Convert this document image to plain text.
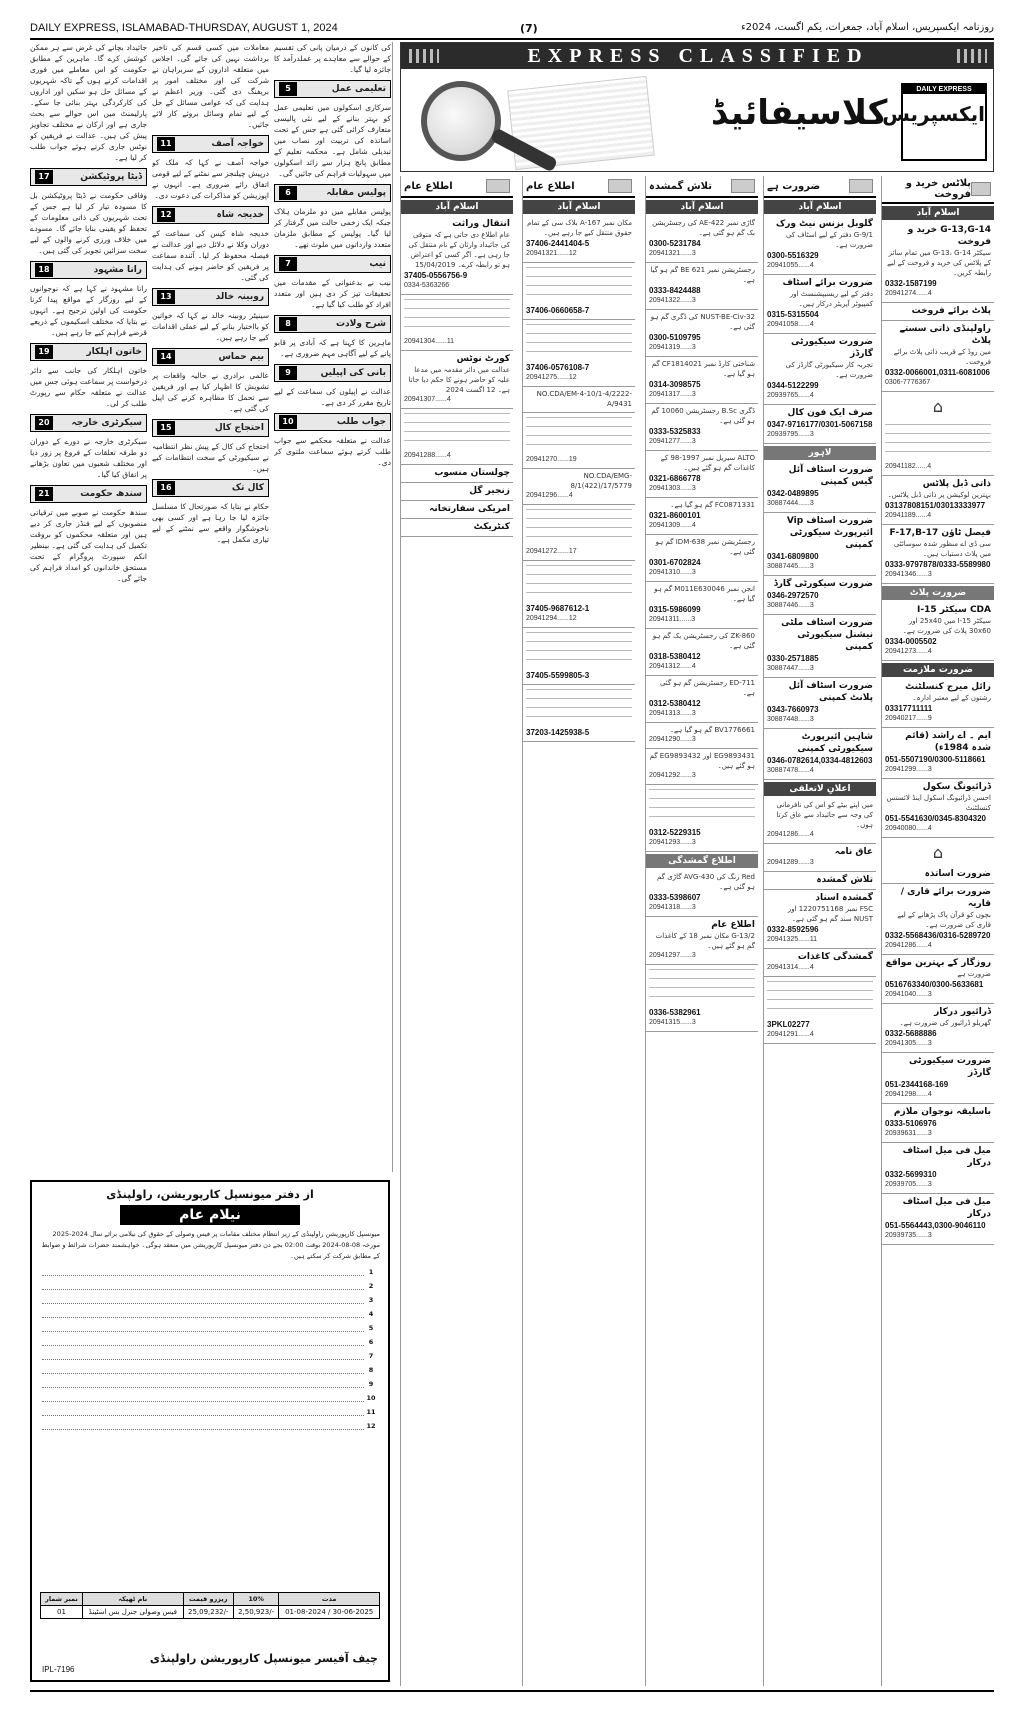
DAILY EXPRESS, ISLAMABAD-THURSDAY, AUGUST 1, 2024	(7)	روزنامہ ایکسپریس، اسلام آباد، جمعرات، یکم اگست، 2024ء
جائیداد بچانے کی غرض سے ہر ممکن کوشش کرے گا۔ ماہرین کے مطابق حکومت کو اس معاملے میں فوری اقدامات کرنے ہوں گے تاکہ شہریوں کے مسائل حل ہو سکیں اور اداروں کی کارکردگی بہتر بنائی جا سکے۔ پارلیمنٹ میں اس حوالے سے بحث جاری ہے اور ارکان نے مختلف تجاویز پیش کی ہیں۔ عدالت نے فریقین کو نوٹس جاری کرتے ہوئے جواب طلب کر لیا ہے۔
17	ڈیٹا پروٹیکشن
وفاقی حکومت نے ڈیٹا پروٹیکشن بل کا مسودہ تیار کر لیا ہے جس کے تحت شہریوں کی ذاتی معلومات کے تحفظ کو یقینی بنایا جائے گا۔ مسودے میں خلاف ورزی کرنے والوں کے لیے سخت سزائیں تجویز کی گئی ہیں۔
18	رانا مشہود
رانا مشہود نے کہا ہے کہ نوجوانوں کے لیے روزگار کے مواقع پیدا کرنا حکومت کی اولین ترجیح ہے۔ انہوں نے بتایا کہ مختلف اسکیموں کے ذریعے قرضے فراہم کیے جا رہے ہیں۔
19	خاتون اہلکار
خاتون اہلکار کی جانب سے دائر درخواست پر سماعت ہوئی جس میں عدالت نے متعلقہ حکام سے رپورٹ طلب کر لی۔
20	سیکرٹری خارجہ
سیکرٹری خارجہ نے دورے کے دوران دو طرفہ تعلقات کے فروغ پر زور دیا اور مختلف شعبوں میں تعاون بڑھانے پر اتفاق کیا گیا۔
21	سندھ حکومت
سندھ حکومت نے صوبے میں ترقیاتی منصوبوں کے لیے فنڈز جاری کر دیے ہیں اور متعلقہ محکموں کو بروقت تکمیل کی ہدایت کی گئی ہے۔ بینظیر انکم سپورٹ پروگرام کے تحت مستحق خاندانوں کو امداد فراہم کی جائے گی۔
معاملات میں کسی قسم کی تاخیر برداشت نہیں کی جائے گی۔ اجلاس میں متعلقہ اداروں کے سربراہان نے شرکت کی اور مختلف امور پر بریفنگ دی گئی۔ وزیر اعظم نے ہدایت کی کہ عوامی مسائل کے حل کے لیے تمام وسائل بروئے کار لائے جائیں۔
11	خواجہ آصف
خواجہ آصف نے کہا کہ ملک کو درپیش چیلنجز سے نمٹنے کے لیے قومی اتفاق رائے ضروری ہے۔ انہوں نے اپوزیشن کو مذاکرات کی دعوت دی۔
12	خدیجہ شاہ
خدیجہ شاہ کیس کی سماعت کے دوران وکلا نے دلائل دیے اور عدالت نے فیصلہ محفوظ کر لیا۔ آئندہ سماعت پر فریقین کو حاضر ہونے کی ہدایت کی گئی۔
13	روبینہ خالد
سینیٹر روبینہ خالد نے کہا کہ خواتین کو بااختیار بنانے کے لیے عملی اقدامات کیے جا رہے ہیں۔
14	بیم حماس
عالمی برادری نے حالیہ واقعات پر تشویش کا اظہار کیا ہے اور فریقین سے تحمل کا مظاہرہ کرنے کی اپیل کی گئی ہے۔
15	احتجاج کال
احتجاج کی کال کے پیش نظر انتظامیہ نے سیکیورٹی کے سخت انتظامات کیے ہیں۔
16	کال تک
حکام نے بتایا کہ صورتحال کا مسلسل جائزہ لیا جا رہا ہے اور کسی بھی ناخوشگوار واقعے سے نمٹنے کے لیے تیاری مکمل ہے۔
کی کانوں کے درمیان پانی کی تقسیم کے حوالے سے معاہدے پر عملدرآمد کا جائزہ لیا گیا۔
5	تعلیمی عمل
سرکاری اسکولوں میں تعلیمی عمل کو بہتر بنانے کے لیے نئی پالیسی متعارف کرائی گئی ہے جس کے تحت اساتذہ کی تربیت اور نصاب میں تبدیلی شامل ہے۔ محکمہ تعلیم کے مطابق پانچ ہزار سے زائد اسکولوں میں سہولیات فراہم کی جائیں گی۔
6	پولیس مقابلہ
پولیس مقابلے میں دو ملزمان ہلاک جبکہ ایک زخمی حالت میں گرفتار کر لیا گیا۔ پولیس کے مطابق ملزمان متعدد وارداتوں میں ملوث تھے۔
7	نیب
نیب نے بدعنوانی کے مقدمات میں تحقیقات تیز کر دی ہیں اور متعدد افراد کو طلب کیا گیا ہے۔
8	شرح ولادت
ماہرین کا کہنا ہے کہ آبادی پر قابو پانے کے لیے آگاہی مہم ضروری ہے۔
9	بانی کی اپیلیں
عدالت نے اپیلوں کی سماعت کے لیے تاریخ مقرر کر دی ہے۔
10	جواب طلب
عدالت نے متعلقہ محکمے سے جواب طلب کرتے ہوئے سماعت ملتوی کر دی۔
از دفتر میونسپل کارپوریشن، راولپنڈی
نیلام عام
میونسپل کارپوریشن راولپنڈی کے زیر انتظام مختلف مقامات پر فیس وصولی کے حقوق کی نیلامی برائے سال 2024-2025 مورخہ 08-08-2024 بوقت 02:00 بجے دن دفتر میونسپل کارپوریشن میں منعقد ہوگی۔ خواہشمند حضرات شرائط و ضوابط کے مطابق شرکت کر سکتے ہیں۔
1
2
3
4
5
6
7
8
9
10
11
12
نمبر شمار	نام ٹھیکہ	ریزرو قیمت	10%	مدت
01	فیس وصولی جنرل بس اسٹینڈ	25,09,232/-	2,50,923/-	01-08-2024 / 30-06-2025
چیف آفیسر میونسپل کارپوریشن راولپنڈی
IPL-7196
EXPRESS CLASSIFIED
کلاسیفائیڈ
DAILY EXPRESS
ایکسپریس
پلاٹس خرید و فروخت
اسلام آباد
G-13,G-14 خرید و فروخت
سیکٹر G-13، G-14 میں تمام سائز کے پلاٹس کی خرید و فروخت کے لیے رابطہ کریں۔
0332-1587199
20941274......4
پلاٹ برائے فروخت
راولپنڈی ذاتی سستے پلاٹ
مین روڈ کے قریب ذاتی پلاٹ برائے فروخت۔
0332-0066001,0311-6081006
0306-7776367
⌂
20941182......4
ذاتی ڈبل پلاٹس
بہترین لوکیشن پر ذاتی ڈبل پلاٹس۔
03137808151/03013333977
20941189......4
فیصل ٹاؤن F-17,B-17
سی ڈی اے منظور شدہ سوسائٹی میں پلاٹ دستیاب ہیں۔
0333-9797878/0333-5589980
20941346......3
ضرورت پلاٹ
CDA سیکٹر I-15
سیکٹر I-15 میں 25x40 اور 30x60 پلاٹ کی ضرورت ہے۔
0334-0005502
20941273......4
ضرورت ملازمت
رائل میرج کنسلٹنٹ
رشتوں کے لیے معتبر ادارہ۔
03317711111
20940217......9
ایم ۔ اے راشد (قائم شدہ 1984ء)
051-5507190/0300-5118661
20941299......3
ڈرائیونگ سکول
احسن ڈرائیونگ اسکول اینڈ لائسنس کنسلٹنٹ
051-5541630/0345-8304320
20940080......4
⌂
ضرورت اساتذہ
ضرورت برائے قاری / قاریہ
بچوں کو قرآن پاک پڑھانے کے لیے قاری کی ضرورت ہے۔
0332-5568436/0316-5289720
20941286......4
روزگار کے بہترین مواقع
ضرورت ہے
0516763340/0300-5633681
20941040......3
ڈرائیور درکار
گھریلو ڈرائیور کی ضرورت ہے۔
0332-5688886
20941305......3
ضرورت سیکیورٹی گارڈز
051-2344168-169
20941298......4
باسلیقہ نوجوان ملازم
0333-5106976
20939631......3
میل فی میل اسٹاف درکار
0332-5699310
20939705......3
میل فی میل اسٹاف درکار
051-5564443,0300-9046110
20939735......3
ضرورت ہے
اسلام آباد
گلوبل بزنس نیٹ ورک
G-9/1 دفتر کے لیے اسٹاف کی ضرورت ہے۔
0300-5516329
20941055......4
ضرورت برائے اسٹاف
دفتر کے لیے ریسیپشنسٹ اور کمپیوٹر آپریٹر درکار ہیں۔
0315-5315504
20941058......4
ضرورت سیکیورٹی گارڈز
تجربہ کار سیکیورٹی گارڈز کی ضرورت ہے۔
0344-5122299
20939765......4
صرف ایک فون کال
0347-9716177/0301-5067158
20939795......3
لاہور
ضرورت اسٹاف آئل گیس کمپنی
0342-0489895
30887444......3
ضرورت اسٹاف Vip ائیرپورٹ سیکورٹی کمپنی
0341-6809800
30887445......3
ضرورت سیکورٹی گارڈ
0346-2972570
30887446......3
ضرورت اسٹاف ملٹی نیشنل سیکیورٹی کمپنی
0330-2571885
30887447......3
ضرورت اسٹاف آئل پلانٹ کمپنی
0343-7660973
30887448......3
شاہین ائیرپورٹ سیکیورٹی کمپنی
0346-0782614,0334-4812603
30887478......4
اعلانِ لاتعلقی
میں اپنے بیٹے کو اس کی نافرمانی کی وجہ سے جائیداد سے عاق کرتا ہوں۔
20941286......4
عاق نامہ
20941289......3
تلاش گمشدہ
گمشدہ اسناد
FSC نمبر 1220751168 اور NUST سند گم ہو گئی ہے۔
0332-8592596
20941325......11
گمشدگی کاغذات
20941314......4
3PKL02277
20941291......4
تلاش گمشدہ
اسلام آباد
گاڑی نمبر AE-422 کی رجسٹریشن بک گم ہو گئی ہے۔
0300-5231784
20941321......3
رجسٹریشن نمبر BE 621 گم ہو گیا ہے۔
0333-8424488
20941322......3
NUST-BE-Civ-32 کی ڈگری گم ہو گئی ہے۔
0300-5109795
20941319......3
شناختی کارڈ نمبر CF1814021 گم ہو گیا ہے۔
0314-3098575
20941317......3
ڈگری B.Sc رجسٹریشن 10060 گم ہو گئی ہے۔
0333-5325833
20941277......3
ALTO سیریل نمبر 1997-98 کے کاغذات گم ہو گئے ہیں۔
0321-6866778
20941303......3
FC0871331 گم ہو گیا ہے۔
0321-8600101
20941309......4
رجسٹریشن نمبر IDM-638 گم ہو گئی ہے۔
0301-6702824
20941310......3
انجن نمبر M011E630046 گم ہو گیا ہے۔
0315-5986099
20941311......3
ZK-860 کی رجسٹریشن بک گم ہو گئی ہے۔
0318-5380412
20941312......4
ED-711 رجسٹریشن گم ہو گئی ہے۔
0312-5380412
20941313......3
BV1776661 گم ہو گیا ہے۔
20941290......3
EG9893431 اور EG9893432 گم ہو گئے ہیں۔
20941292......3
0312-5229315
20941293......3
اطلاع گمشدگی
Red رنگ کی AVG-430 گاڑی گم ہو گئی ہے۔
0333-5398607
20941318......3
اطلاع عام
G-13/2 مکان نمبر 18 کے کاغذات گم ہو گئے ہیں۔
20941297......3
0336-5382961
20941315......3
اطلاع عام
اسلام آباد
مکان نمبر 167-A بلاک سی کے تمام حقوق منتقل کیے جا رہے ہیں۔
37406-2441404-5
20941321......12
37406-0660658-7
37406-0576108-7
20941275......12
NO.CDA/EM-4-10/1-4/2222-A/9431
20941270......19
NO.CDA/EMG-8/1(422)/17/5779
20941296......4
20941272......17
37405-9687612-1
20941294......12
37405-5599805-3
37203-1425938-5
اطلاع عام
اسلام آباد
انتقال وراثت
عام اطلاع دی جاتی ہے کہ متوفی کی جائیداد وارثان کے نام منتقل کی جا رہی ہے۔ اگر کسی کو اعتراض ہو تو رابطہ کرے۔ 15/04/2019
37405-0556756-9
0334-5363266
20941304......11
کورٹ نوٹس
عدالت میں دائر مقدمہ میں مدعا علیہ کو حاضر ہونے کا حکم دیا جاتا ہے۔ 12 اگست 2024
20941307......4
20941288......4
چولستان منسوب
زنجیر گل
امریکی سفارتخانہ
کنٹریکٹ
